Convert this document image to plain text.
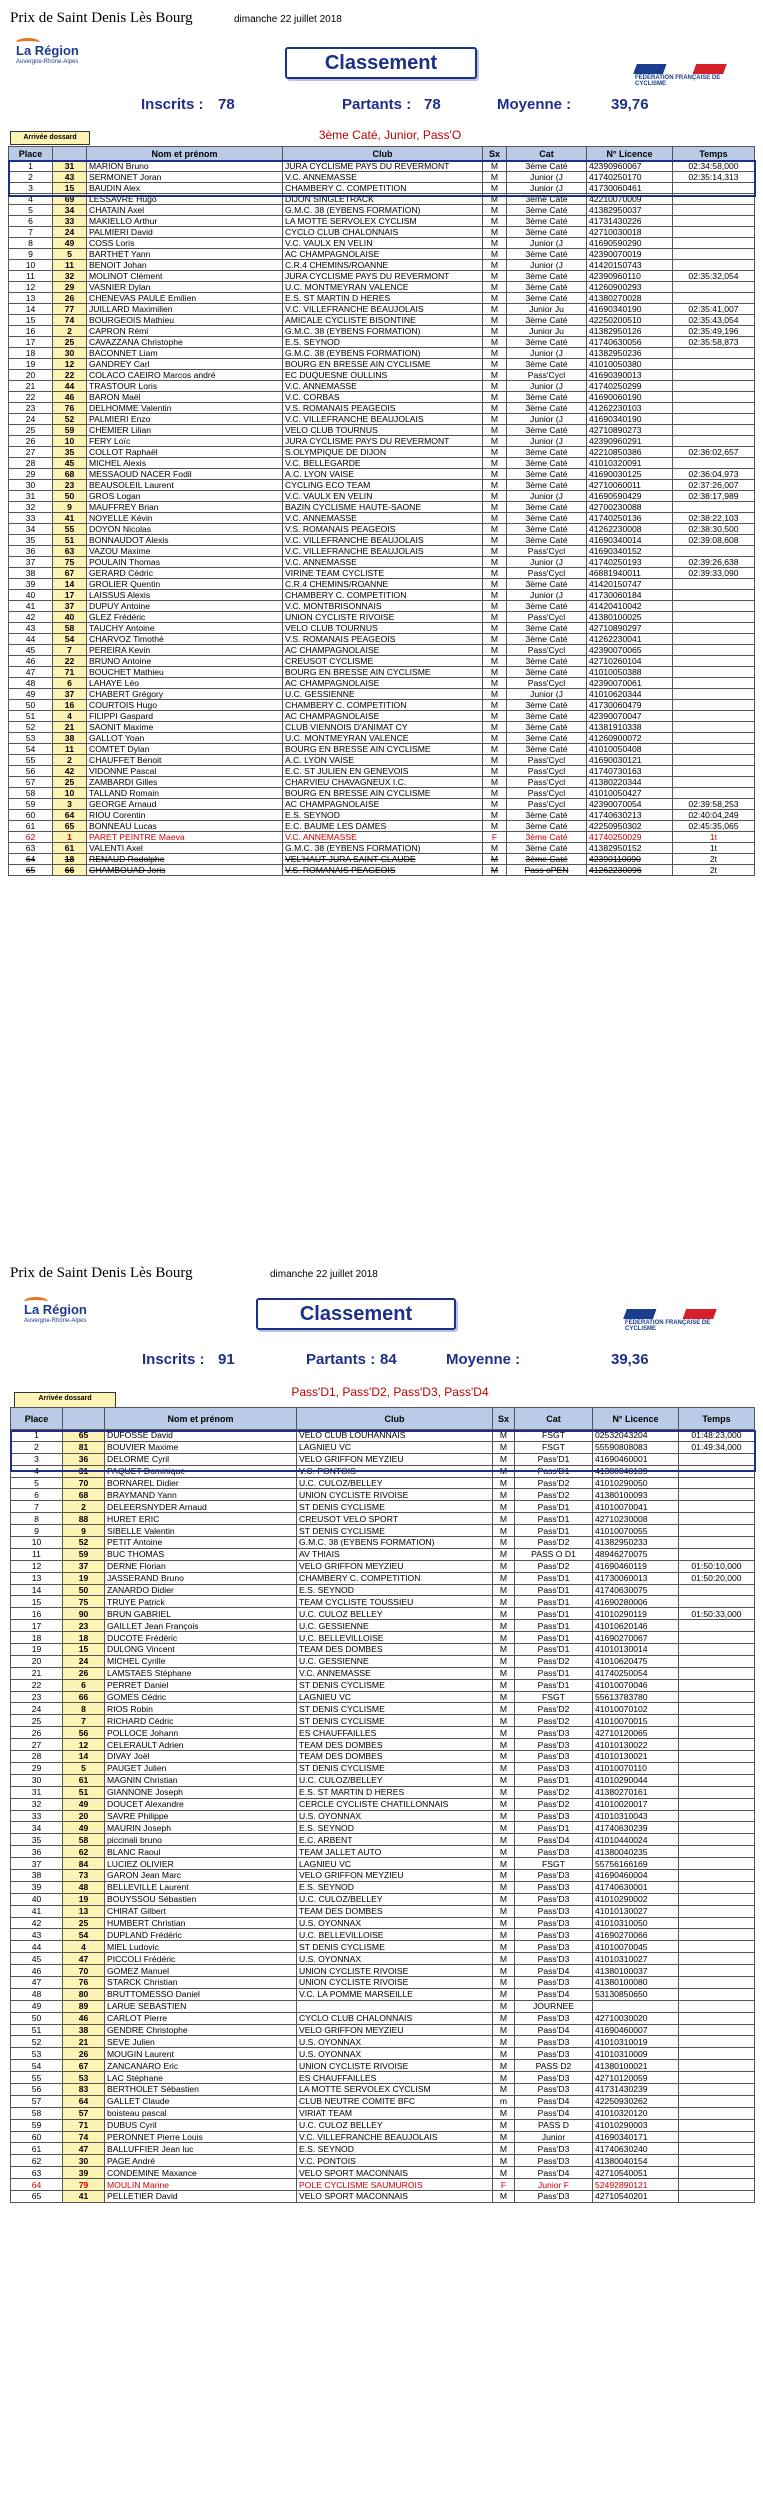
Prix de Saint Denis Lès Bourg	dimanche 22 juillet 2018
La Région
Auvergne-Rhône-Alpes	Classement
FÉDÉRATION FRANÇAISE DE CYCLISME
Inscrits : 78	Partants : 78	Moyenne :	39,76
3ème Caté, Junior, Pass'O
Arrivée dossard
Place		Nom et prénom	Club	Sx	Cat	N° Licence	Temps
1	31	MARION Bruno	JURA CYCLISME PAYS DU REVERMONT	M	3ème Caté	42390960067	02:34:58,000
2	43	SERMONET Joran	V.C. ANNEMASSE	M	Junior (J	41740250170	02:35:14,313
3	15	BAUDIN Alex	CHAMBERY C. COMPETITION	M	Junior (J	41730060461	
4	69	LESSAVRE Hugo	DIJON SINGLETRACK	M	3ème Caté	42210070009	
5	34	CHATAIN Axel	G.M.C. 38 (EYBENS FORMATION)	M	3ème Caté	41382950037	
6	33	MAKIELLO Arthur	LA MOTTE SERVOLEX CYCLISM	M	3ème Caté	41731430226	
7	24	PALMIERI David	CYCLO CLUB CHALONNAIS	M	3ème Caté	42710030018	
8	49	COSS Loris	V.C. VAULX EN VELIN	M	Junior (J	41690590290	
9	5	BARTHET Yann	AC CHAMPAGNOLAISE	M	3ème Caté	42390070019	
10	11	BENOIT Johan	C.R.4 CHEMINS/ROANNE	M	Junior (J	41420150743	
11	32	MOLINOT Clément	JURA CYCLISME PAYS DU REVERMONT	M	3ème Caté	42390960110	02:35:32,054
12	29	VASNIER Dylan	U.C. MONTMEYRAN VALENCE	M	3ème Caté	41260900293	
13	26	CHENEVAS PAULE Emilien	E.S. ST MARTIN D HERES	M	3ème Caté	41380270028	
14	77	JUILLARD Maximilien	V.C. VILLEFRANCHE BEAUJOLAIS	M	Junior Ju	41690340190	02:35:41,007
15	74	BOURGEOIS Mathieu	AMICALE CYCLISTE BISONTINE	M	3ème Caté	42250200510	02:35:43,054
16	2	CAPRON Rémi	G.M.C. 38 (EYBENS FORMATION)	M	Junior Ju	41382950126	02:35:49,196
17	25	CAVAZZANA Christophe	E.S. SEYNOD	M	3ème Caté	41740630056	02:35:58,873
18	30	BACONNET Liam	G.M.C. 38 (EYBENS FORMATION)	M	Junior (J	41382950236	
19	12	GANDREY Carl	BOURG EN BRESSE AIN CYCLISME	M	3ème Caté	41010050380	
20	22	COLACO CAEIRO Marcos andré	EC DUQUESNE OULLINS	M	Pass'Cycl	41690390013	
21	44	TRASTOUR Loris	V.C. ANNEMASSE	M	Junior (J	41740250299	
22	46	BARON Maël	V.C. CORBAS	M	3ème Caté	41690060190	
23	76	DELHOMME Valentin	V.S. ROMANAIS PEAGEOIS	M	3ème Caté	41262230103	
24	52	PALMIERI Enzo	V.C. VILLEFRANCHE BEAUJOLAIS	M	Junior (J	41690340190	
25	59	CHEMIER Lilian	VELO CLUB TOURNUS	M	3ème Caté	42710890273	
26	10	FERY Loïc	JURA CYCLISME PAYS DU REVERMONT	M	Junior (J	42390960291	
27	35	COLLOT Raphaël	S.OLYMPIQUE DE DIJON	M	3ème Caté	42210850386	02:36:02,657
28	45	MICHEL Alexis	V.C. BELLEGARDE	M	3ème Caté	41010320091	
29	68	MESSAOUD NACER Fodil	A.C. LYON VAISE	M	3ème Caté	41690030125	02:36:04,973
30	23	BEAUSOLEIL Laurent	CYCLING ECO TEAM	M	3ème Caté	42710060011	02:37:26,007
31	50	GROS Logan	V.C. VAULX EN VELIN	M	Junior (J	41690590429	02:38:17,989
32	9	MAUFFREY Brian	BAZIN CYCLISME HAUTE-SAONE	M	3ème Caté	42700230088	
33	41	NOYELLE Kévin	V.C. ANNEMASSE	M	3ème Caté	41740250136	02:38:22,103
34	55	DOYON Nicolas	V.S. ROMANAIS PEAGEOIS	M	3ème Caté	41262230008	02:38:30,500
35	51	BONNAUDOT Alexis	V.C. VILLEFRANCHE BEAUJOLAIS	M	3ème Caté	41690340014	02:39:08,608
36	63	VAZOU Maxime	V.C. VILLEFRANCHE BEAUJOLAIS	M	Pass'Cycl	41690340152	
37	75	POULAIN Thomas	V.C. ANNEMASSE	M	Junior (J	41740250193	02:39:26,638
38	67	GERARD Cédric	VIRINE TEAM CYCLISTE	M	Pass'Cycl	46881940011	02:39:33,090
39	14	GROLIER Quentin	C.R.4 CHEMINS/ROANNE	M	3ème Caté	41420150747	
40	17	LAISSUS Alexis	CHAMBERY C. COMPETITION	M	Junior (J	41730060184	
41	37	DUPUY Antoine	V.C. MONTBRISONNAIS	M	3ème Caté	41420410042	
42	40	GLEZ Frédéric	UNION CYCLISTE RIVOISE	M	Pass'Cycl	41380100025	
43	58	TAUCHY Antoine	VELO CLUB TOURNUS	M	3ème Caté	42710890297	
44	54	CHARVOZ Timothé	V.S. ROMANAIS PEAGEOIS	M	3ème Caté	41262230041	
45	7	PEREIRA Kevin	AC CHAMPAGNOLAISE	M	Pass'Cycl	42390070065	
46	22	BRUNO Antoine	CREUSOT CYCLISME	M	3ème Caté	42710260104	
47	71	BOUCHET Mathieu	BOURG EN BRESSE AIN CYCLISME	M	3ème Caté	41010050388	
48	6	LAHAYE Léo	AC CHAMPAGNOLAISE	M	Pass'Cycl	42390070061	
49	37	CHABERT Grégory	U.C. GESSIENNE	M	Junior (J	41010620344	
50	16	COURTOIS Hugo	CHAMBERY C. COMPETITION	M	3ème Caté	41730060479	
51	4	FILIPPI Gaspard	AC CHAMPAGNOLAISE	M	3ème Caté	42390070047	
52	21	SAONIT Maxime	CLUB VIENNOIS D'ANIMAT CY	M	3ème Caté	41381910338	
53	38	GALLOT Yoan	U.C. MONTMEYRAN VALENCE	M	3ème Caté	41260900072	
54	11	COMTET Dylan	BOURG EN BRESSE AIN CYCLISME	M	3ème Caté	41010050408	
55	2	CHAUFFET Benoit	A.C. LYON VAISE	M	Pass'Cycl	41690030121	
56	42	VIDONNE Pascal	E.C. ST JULIEN EN GENEVOIS	M	Pass'Cycl	41740730163	
57	25	ZAMBARDI Gilles	CHARVIEU CHAVAGNEUX I.C.	M	Pass'Cycl	41380220344	
58	10	TALLAND Romain	BOURG EN BRESSE AIN CYCLISME	M	Pass'Cycl	41010050427	
59	3	GEORGE Arnaud	AC CHAMPAGNOLAISE	M	Pass'Cycl	42390070054	02:39:58,253
60	64	RIOU Corentin	E.S. SEYNOD	M	3ème Caté	41740630213	02:40:04,249
61	65	BONNEAU Lucas	E.C. BAUME LES DAMES	M	3ème Caté	42250950302	02:45:35,065
62	1	PARET PEINTRE Maeva	V.C. ANNEMASSE	F	3ème Caté	41740250029	1t
63	61	VALENTI Axel	G.M.C. 38 (EYBENS FORMATION)	M	3ème Caté	41382950152	1t
64	18	RENAUD Rodolphe	VEL'HAUT-JURA SAINT-CLAUDE	M	3ème Caté	42390110090	2t
65	66	CHAMBOUAD Joris	V.S. ROMANAIS PEAGEOIS	M	Pass oPEN	41262230096	2t
Prix de Saint Denis Lès Bourg	dimanche 22 juillet 2018
La Région
Auvergne-Rhône-Alpes	Classement	FÉDÉRATION FRANÇAISE DE CYCLISME
Inscrits : 91	Partants : 84	Moyenne :	39,36
Pass'D1, Pass'D2, Pass'D3, Pass'D4
Arrivée dossard
Place		Nom et prénom	Club	Sx	Cat	N° Licence	Temps
1	65	DUFOSSE David	VELO CLUB LOUHANNAIS	M	FSGT	02532043204	01:48:23,000
2	81	BOUVIER Maxime	LAGNIEU VC	M	FSGT	55590808083	01:49:34,000
3	36	DELORME Cyril	VELO GRIFFON MEYZIEU	M	Pass'D1	41690460001	
4	31	PAQUET Dominique	V.C. PONTOIS	M	Pass'D1	41380040139	
5	70	BORNAREL Didier	U.C. CULOZ/BELLEY	M	Pass'D2	41010290050	
6	68	BRAYMAND Yann	UNION CYCLISTE RIVOISE	M	Pass'D2	41380100093	
7	2	DELEERSNYDER Arnaud	ST DENIS CYCLISME	M	Pass'D1	41010070041	
8	88	HURET ERIC	CREUSOT VELO SPORT	M	Pass'D1	42710230008	
9	9	SIBELLE Valentin	ST DENIS CYCLISME	M	Pass'D1	41010070055	
10	52	PETIT Antoine	G.M.C. 38 (EYBENS FORMATION)	M	Pass'D2	41382950233	
11	59	BUC THOMAS	AV THIAIS	M	PASS O D1	48946270075	
12	37	DERNE Florian	VELO GRIFFON MEYZIEU	M	Pass'D2	41690460119	01:50:10,000
13	19	JASSERAND Bruno	CHAMBERY C. COMPETITION	M	Pass'D1	41730060013	01:50:20,000
14	50	ZANARDO Didier	E.S. SEYNOD	M	Pass'D1	41740630075	
15	75	TRUYE Patrick	TEAM CYCLISTE TOUSSIEU	M	Pass'D1	41690280006	
16	90	BRUN GABRIEL	U.C. CULOZ BELLEY	M	Pass'D1	41010290119	01:50:33,000
17	23	GAILLET Jean François	U.C. GESSIENNE	M	Pass'D1	41010620146	
18	18	DUCOTE Frédéric	U.C. BELLEVILLOISE	M	Pass'D1	41690270067	
19	15	DULONG Vincent	TEAM DES DOMBES	M	Pass'D1	41010130014	
20	24	MICHEL Cyrille	U.C. GESSIENNE	M	Pass'D2	41010620475	
21	26	LAMSTAES Stéphane	V.C. ANNEMASSE	M	Pass'D1	41740250054	
22	6	PERRET Daniel	ST DENIS CYCLISME	M	Pass'D1	41010070046	
23	66	GOMES Cédric	LAGNIEU VC	M	FSGT	55613783780	
24	8	RIOS Robin	ST DENIS CYCLISME	M	Pass'D2	41010070102	
25	7	RICHARD Cédric	ST DENIS CYCLISME	M	Pass'D2	41010070015	
26	56	POLLOCE Johann	ES CHAUFFAILLES	M	Pass'D3	42710120065	
27	12	CELERAULT Adrien	TEAM DES DOMBES	M	Pass'D3	41010130022	
28	14	DIVAY Joël	TEAM DES DOMBES	M	Pass'D3	41010130021	
29	5	PAUGET Julien	ST DENIS CYCLISME	M	Pass'D3	41010070110	
30	61	MAGNIN Christian	U.C. CULOZ/BELLEY	M	Pass'D1	41010290044	
31	51	GIANNONE Joseph	E.S. ST MARTIN D HERES	M	Pass'D2	41380270161	
32	49	DOUCET Alexandre	CERCLE CYCLISTE CHATILLONNAIS	M	Pass'D2	41010020017	
33	20	SAVRE Philippe	U.S. OYONNAX	M	Pass'D3	41010310043	
34	49	MAURIN Joseph	E.S. SEYNOD	M	Pass'D1	41740630239	
35	58	piccinali bruno	E.C. ARBENT	M	Pass'D4	41010440024	
36	62	BLANC Raoul	TEAM JALLET AUTO	M	Pass'D3	41380040235	
37	84	LUCIEZ OLIVIER	LAGNIEU VC	M	FSGT	55756166169	
38	73	GARON Jean Marc	VELO GRIFFON MEYZIEU	M	Pass'D3	41690460004	
39	48	BELLEVILLE Laurent	E.S. SEYNOD	M	Pass'D3	41740630001	
40	19	BOUYSSOU Sébastien	U.C. CULOZ/BELLEY	M	Pass'D3	41010290002	
41	13	CHIRAT Gilbert	TEAM DES DOMBES	M	Pass'D3	41010130027	
42	25	HUMBERT Christian	U.S. OYONNAX	M	Pass'D3	41010310050	
43	54	DUPLAND Frédéric	U.C. BELLEVILLOISE	M	Pass'D3	41690270066	
44	4	MIEL Ludovic	ST DENIS CYCLISME	M	Pass'D3	41010070045	
45	47	PICCOLI Frédéric	U.S. OYONNAX	M	Pass'D3	41010310027	
46	70	GOMEZ Manuel	UNION CYCLISTE RIVOISE	M	Pass'D4	41380100037	
47	76	STARCK Christian	UNION CYCLISTE RIVOISE	M	Pass'D3	41380100080	
48	80	BRUTTOMESSO Daniel	V.C. LA POMME MARSEILLE	M	Pass'D4	53130850650	
49	89	LARUE SEBASTIEN		M	JOURNEE		
50	46	CARLOT Pierre	CYCLO CLUB CHALONNAIS	M	Pass'D3	42710030020	
51	38	GENDRE Christophe	VELO GRIFFON MEYZIEU	M	Pass'D4	41690460007	
52	21	SEVE Julien	U.S. OYONNAX	M	Pass'D3	41010310019	
53	26	MOUGIN Laurent	U.S. OYONNAX	M	Pass'D3	41010310009	
54	67	ZANCANARO Eric	UNION CYCLISTE RIVOISE	M	PASS D2	41380100021	
55	53	LAC Stéphane	ES CHAUFFAILLES	M	Pass'D3	42710120059	
56	83	BERTHOLET Sébastien	LA MOTTE SERVOLEX CYCLISM	M	Pass'D3	41731430239	
57	64	GALLET Claude	CLUB NEUTRE COMITE BFC	m	Pass'D4	42250930262	
58	57	boisteau pascal	VIRIAT TEAM	M	Pass'D4	41010320120	
59	71	DUBUS Cyril	U.C. CULOZ BELLEY	M	PASS D	41010290003	
60	74	PERONNET Pierre Louis	V.C. VILLEFRANCHE BEAUJOLAIS	M	Junior	41690340171	
61	47	BALLUFFIER Jean luc	E.S. SEYNOD	M	Pass'D3	41740630240	
62	30	PAGE André	V.C. PONTOIS	M	Pass'D3	41380040154	
63	39	CONDEMINE Maxance	VELO SPORT MACONNAIS	M	Pass'D4	42710540051	
64	79	MOULIN Marine	POLE CYCLISME SAUMUROIS	F	Junior F	52492890121	
65	41	PELLETIER David	VELO SPORT MACONNAIS	M	Pass'D3	42710540201	
